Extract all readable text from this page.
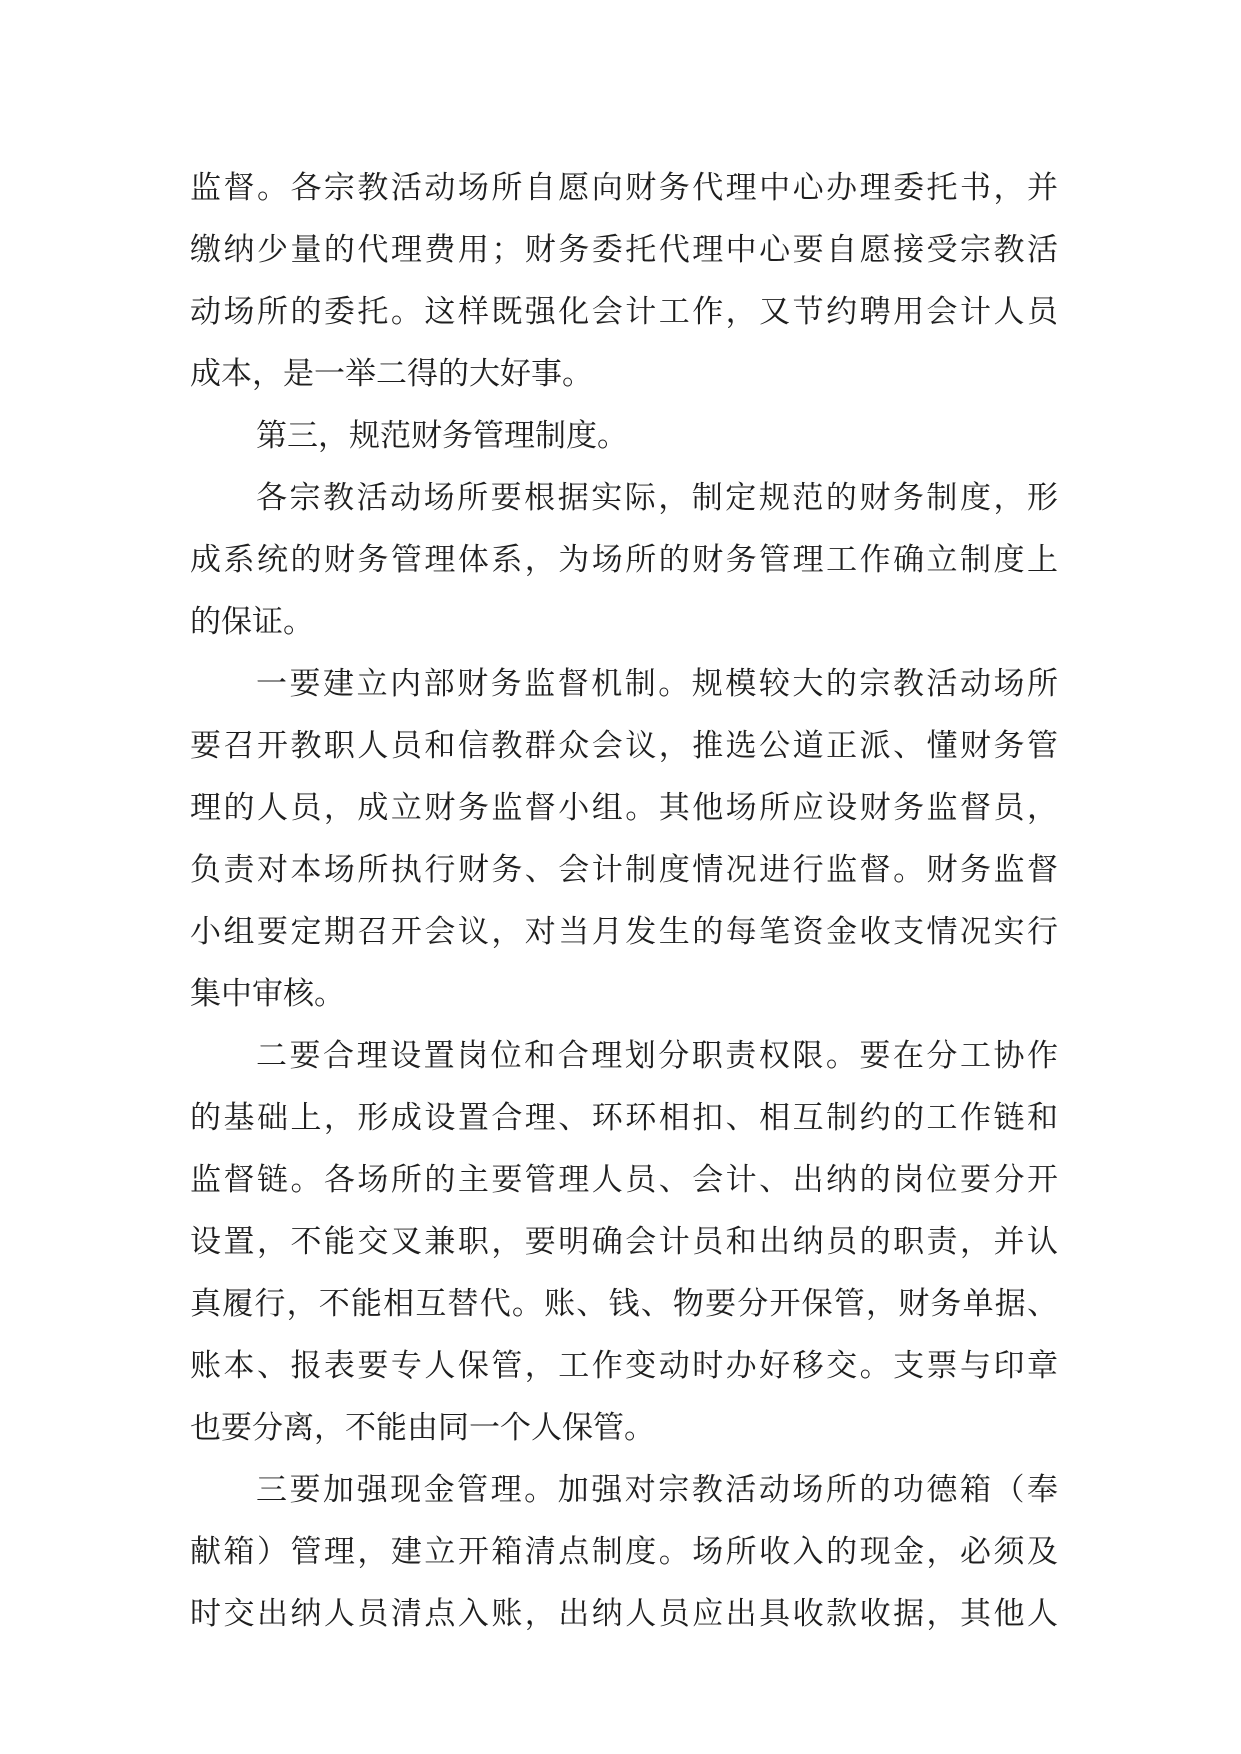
监督。各宗教活动场所自愿向财务代理中心办理委托书，并
缴纳少量的代理费用；财务委托代理中心要自愿接受宗教活
动场所的委托。这样既强化会计工作，又节约聘用会计人员
成本，是一举二得的大好事。
第三，规范财务管理制度。
各宗教活动场所要根据实际，制定规范的财务制度，形
成系统的财务管理体系，为场所的财务管理工作确立制度上
的保证。
一要建立内部财务监督机制。规模较大的宗教活动场所
要召开教职人员和信教群众会议，推选公道正派、懂财务管
理的人员，成立财务监督小组。其他场所应设财务监督员，
负责对本场所执行财务、会计制度情况进行监督。财务监督
小组要定期召开会议，对当月发生的每笔资金收支情况实行
集中审核。
二要合理设置岗位和合理划分职责权限。要在分工协作
的基础上，形成设置合理、环环相扣、相互制约的工作链和
监督链。各场所的主要管理人员、会计、出纳的岗位要分开
设置，不能交叉兼职，要明确会计员和出纳员的职责，并认
真履行，不能相互替代。账、钱、物要分开保管，财务单据、
账本、报表要专人保管，工作变动时办好移交。支票与印章
也要分离，不能由同一个人保管。
三要加强现金管理。加强对宗教活动场所的功德箱（奉
献箱）管理，建立开箱清点制度。场所收入的现金，必须及
时交出纳人员清点入账，出纳人员应出具收款收据，其他人
